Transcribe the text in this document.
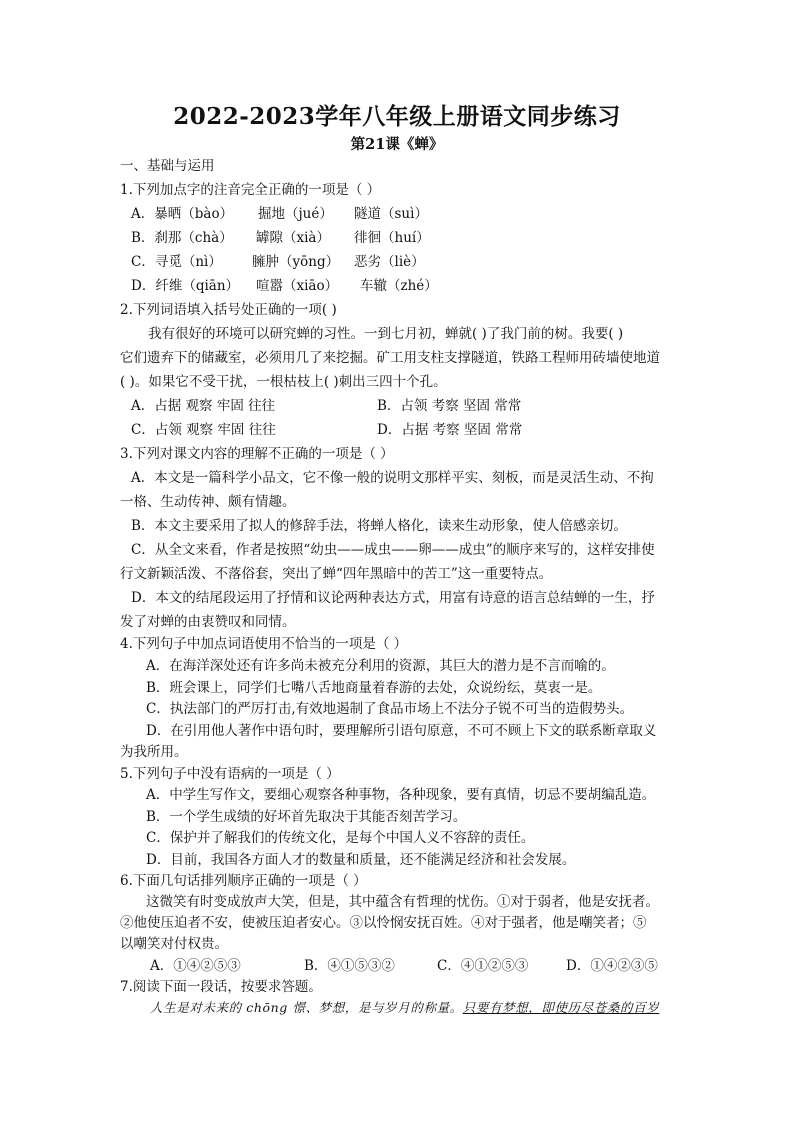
2022-2023学年八年级上册语文同步练习
第21课《蝉》
一、基础与运用
1.下列加点字的注音完全正确的一项是（ ）
A．暴晒（bào） 掘地（jué） 隧道（suì）
B．刹那（chà） 罅隙（xià） 徘徊（huí）
C．寻觅（nì） 臃肿（yōng） 恶劣（liè）
D．纤维（qiān） 喧嚣（xiāo） 车辙（zhé）
2.下列词语填入括号处正确的一项( )
我有很好的环境可以研究蝉的习性。一到七月初，蝉就( )了我门前的树。我要( )
它们遗弃下的储藏室，必须用几了来挖掘。矿工用支柱支撑隧道，铁路工程师用砖墙使地道
( )。如果它不受干扰，一根枯枝上( )刺出三四十个孔。
A．占据 观察 牢固 往往	B．占领 考察 坚固 常常
C．占领 观察 牢固 往往	D．占据 考察 坚固 常常
3.下列对课文内容的理解不正确的一项是（ ）
A．本文是一篇科学小品文，它不像一般的说明文那样平实、刻板，而是灵活生动、不拘
一格、生动传神、颇有情趣。
B．本文主要采用了拟人的修辞手法，将蝉人格化，读来生动形象，使人倍感亲切。
C．从全文来看，作者是按照“幼虫——成虫——卵——成虫”的顺序来写的，这样安排使
行文新颖活泼、不落俗套，突出了蝉“四年黑暗中的苦工”这一重要特点。
D．本文的结尾段运用了抒情和议论两种表达方式，用富有诗意的语言总结蝉的一生，抒
发了对蝉的由衷赞叹和同情。
4.下列句子中加点词语使用不恰当的一项是（ ）
A．在海洋深处还有许多尚未被充分利用的资源，其巨大的潜力是不言而喻的。
B．班会课上，同学们七嘴八舌地商量着春游的去处，众说纷纭，莫衷一是。
C．执法部门的严厉打击,有效地遏制了食品市场上不法分子锐不可当的造假势头。
D．在引用他人著作中语句时，要理解所引语句原意，不可不顾上下文的联系断章取义
为我所用。
5.下列句子中没有语病的一项是（ ）
A．中学生写作文，要细心观察各种事物，各种现象，要有真情，切忌不要胡编乱造。
B．一个学生成绩的好坏首先取决于其能否刻苦学习。
C．保护并了解我们的传统文化，是每个中国人义不容辞的责任。
D．目前，我国各方面人才的数量和质量，还不能满足经济和社会发展。
6.下面几句话排列顺序正确的一项是（ ）
这微笑有时变成放声大笑，但是，其中蕴含有哲理的忧伤。①对于弱者，他是安抚者。
②他使压迫者不安，使被压迫者安心。③以怜悯安抚百姓。④对于强者，他是嘲笑者；⑤
以嘲笑对付权贵。
A．①④②⑤③	B．④①⑤③②	C．④①②⑤③	D．①④②③⑤
7.阅读下面一段话，按要求答题。
人生是对未来的 chōng 憬、梦想，是与岁月的称量。只要有梦想，即使历尽苍桑的百岁
